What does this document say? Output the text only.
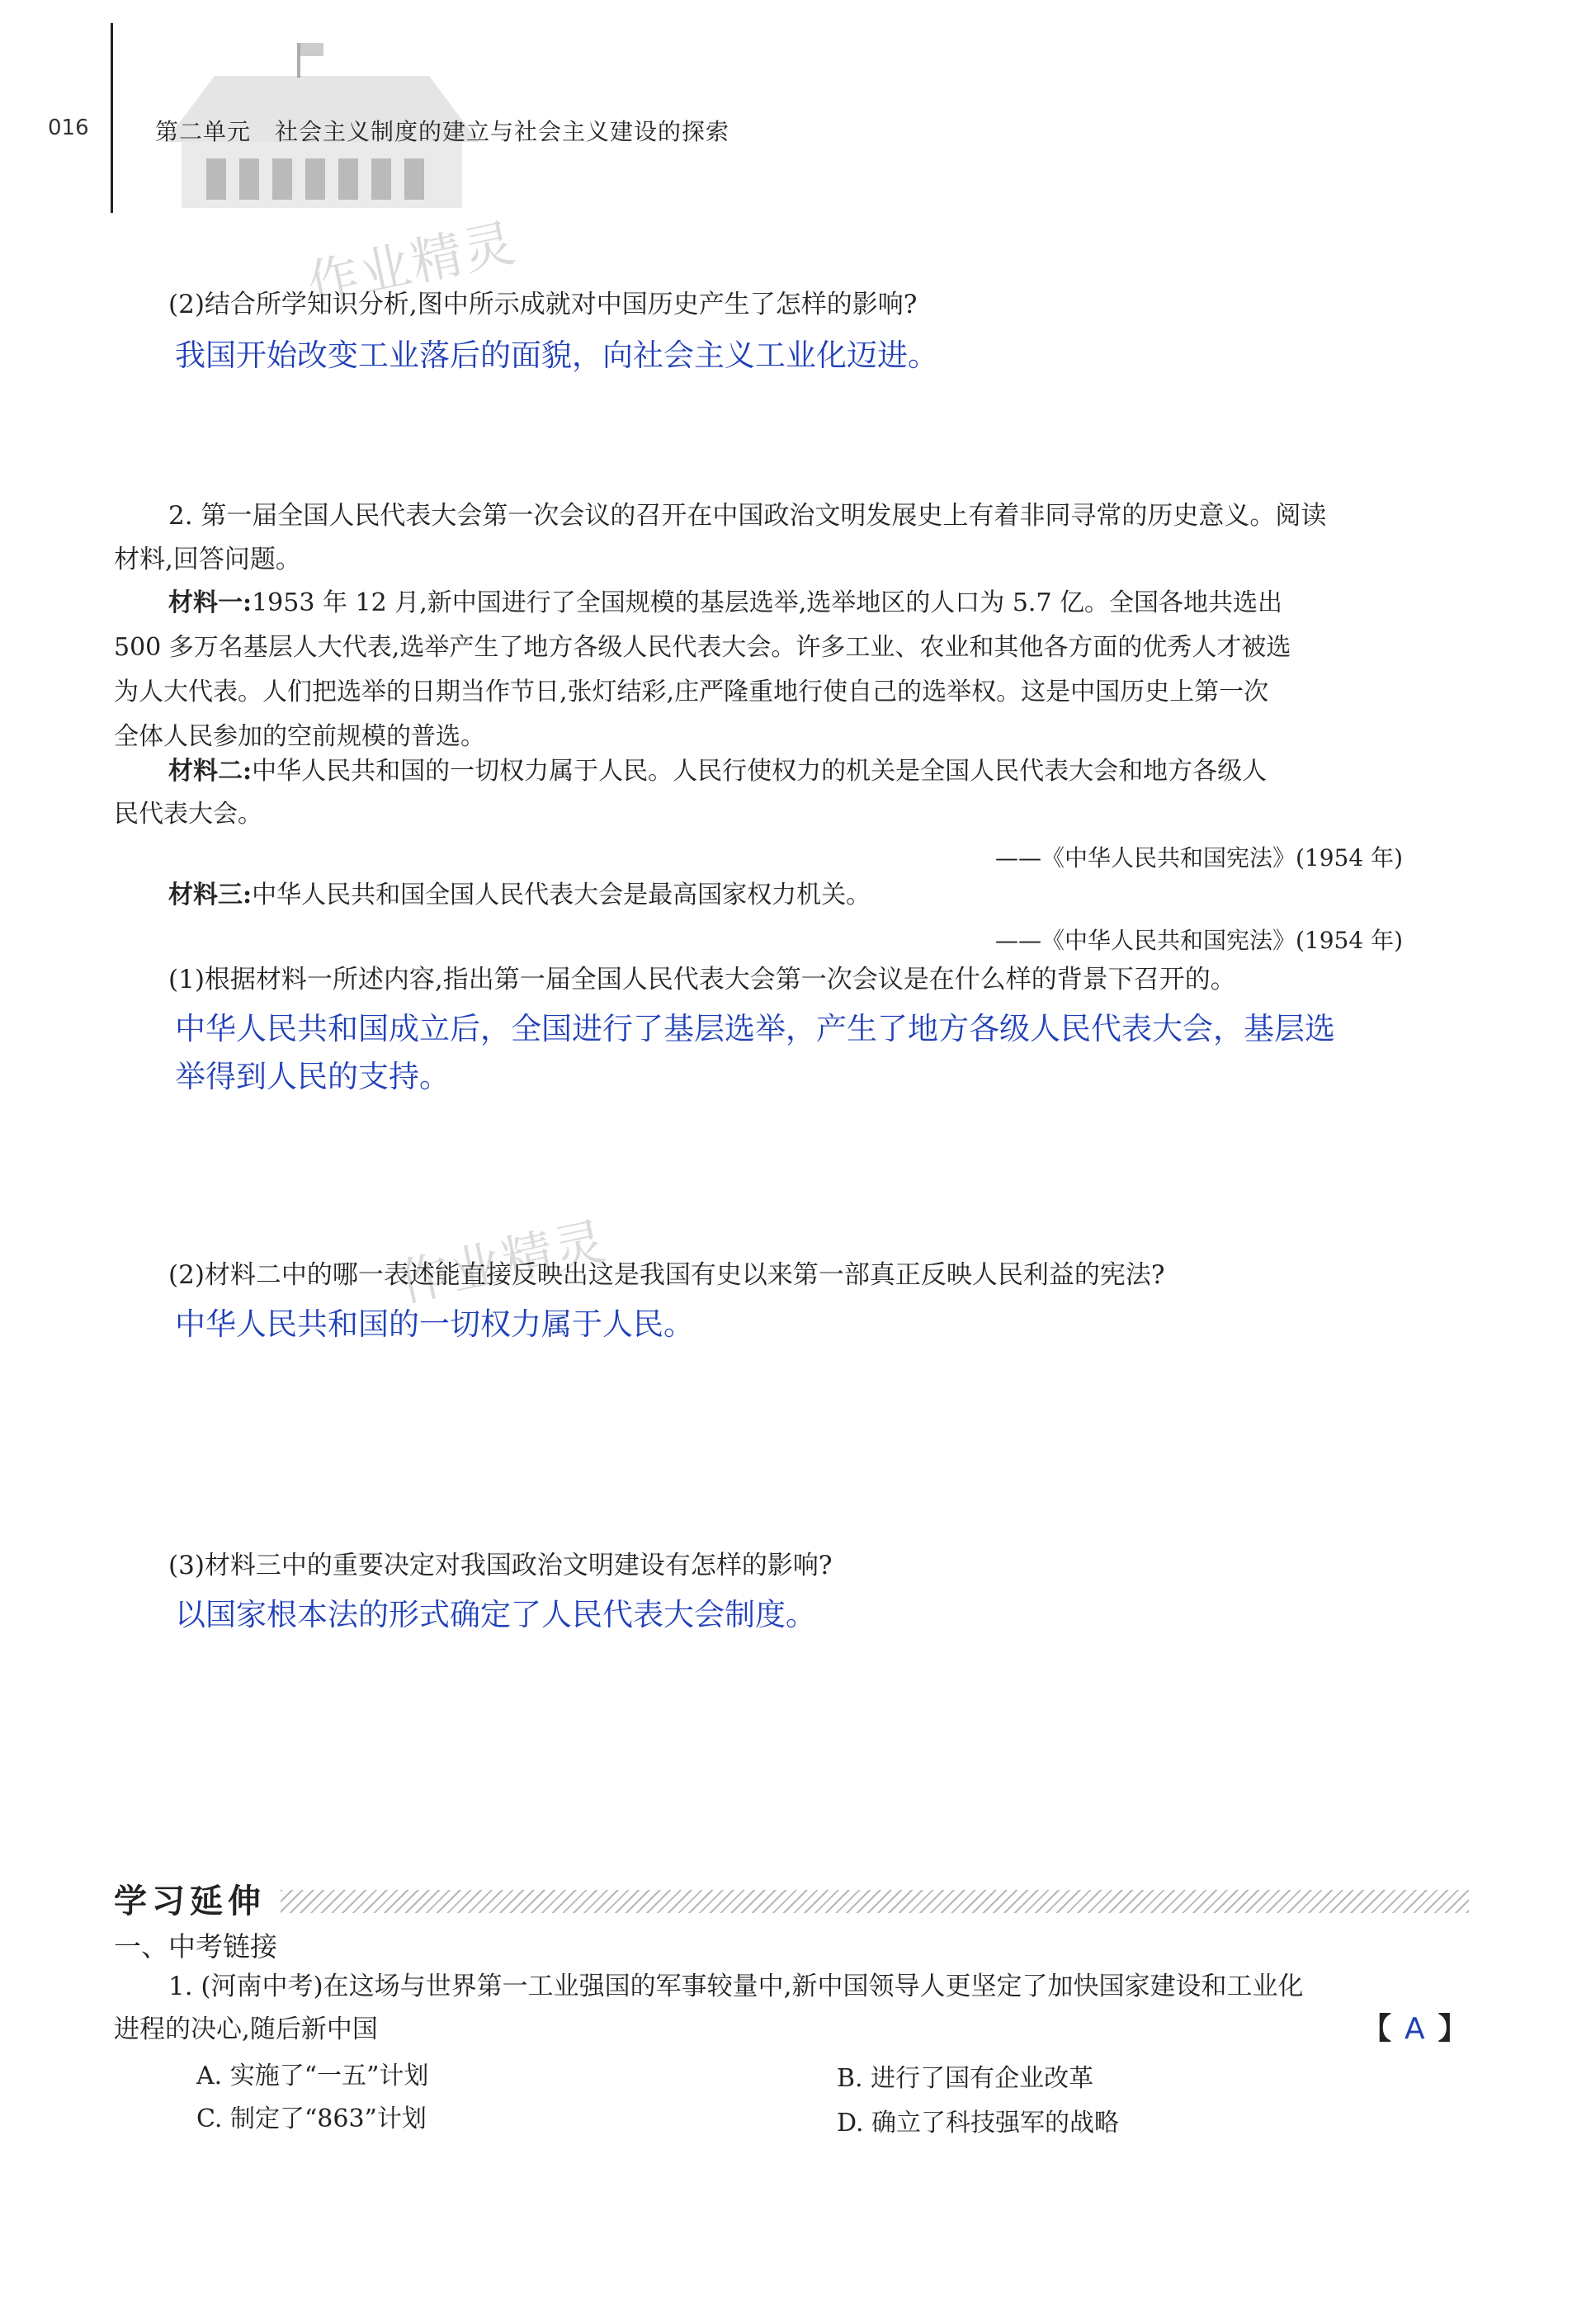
016	第二单元　社会主义制度的建立与社会主义建设的探索
作业精灵
作业精灵
(2)结合所学知识分析,图中所示成就对中国历史产生了怎样的影响?
我国开始改变工业落后的面貌，向社会主义工业化迈进。
2. 第一届全国人民代表大会第一次会议的召开在中国政治文明发展史上有着非同寻常的历史意义。阅读
材料,回答问题。
材料一:1953 年 12 月,新中国进行了全国规模的基层选举,选举地区的人口为 5.7 亿。全国各地共选出
500 多万名基层人大代表,选举产生了地方各级人民代表大会。许多工业、农业和其他各方面的优秀人才被选
为人大代表。人们把选举的日期当作节日,张灯结彩,庄严隆重地行使自己的选举权。这是中国历史上第一次
全体人民参加的空前规模的普选。
材料二:中华人民共和国的一切权力属于人民。人民行使权力的机关是全国人民代表大会和地方各级人
民代表大会。
——《中华人民共和国宪法》(1954 年)
材料三:中华人民共和国全国人民代表大会是最高国家权力机关。
——《中华人民共和国宪法》(1954 年)
(1)根据材料一所述内容,指出第一届全国人民代表大会第一次会议是在什么样的背景下召开的。
中华人民共和国成立后，全国进行了基层选举，产生了地方各级人民代表大会，基层选
举得到人民的支持。
(2)材料二中的哪一表述能直接反映出这是我国有史以来第一部真正反映人民利益的宪法?
中华人民共和国的一切权力属于人民。
(3)材料三中的重要决定对我国政治文明建设有怎样的影响?
以国家根本法的形式确定了人民代表大会制度。
学习延伸
一、中考链接
1. (河南中考)在这场与世界第一工业强国的军事较量中,新中国领导人更坚定了加快国家建设和工业化
进程的决心,随后新中国	【 A 】
A. 实施了“一五”计划	B. 进行了国有企业改革
C. 制定了“863”计划	D. 确立了科技强军的战略
